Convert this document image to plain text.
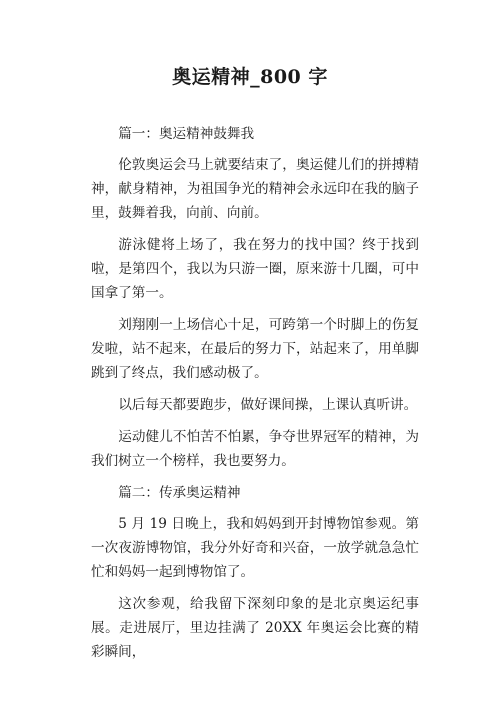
奥运精神_800 字

篇一：奥运精神鼓舞我

伦敦奥运会马上就要结束了，奥运健儿们的拼搏精神，献身精神，为祖国争光的精神会永远印在我的脑子里，鼓舞着我，向前、向前。

游泳健将上场了，我在努力的找中国？终于找到啦，是第四个，我以为只游一圈，原来游十几圈，可中国拿了第一。

刘翔刚一上场信心十足，可跨第一个时脚上的伤复发啦，站不起来，在最后的努力下，站起来了，用单脚跳到了终点，我们感动极了。

以后每天都要跑步，做好课间操，上课认真听讲。

运动健儿不怕苦不怕累，争夺世界冠军的精神，为我们树立一个榜样，我也要努力。

篇二：传承奥运精神

5 月 19 日晚上，我和妈妈到开封博物馆参观。第一次夜游博物馆，我分外好奇和兴奋，一放学就急急忙忙和妈妈一起到博物馆了。

这次参观，给我留下深刻印象的是北京奥运纪事展。走进展厅，里边挂满了 20XX 年奥运会比赛的精彩瞬间，
